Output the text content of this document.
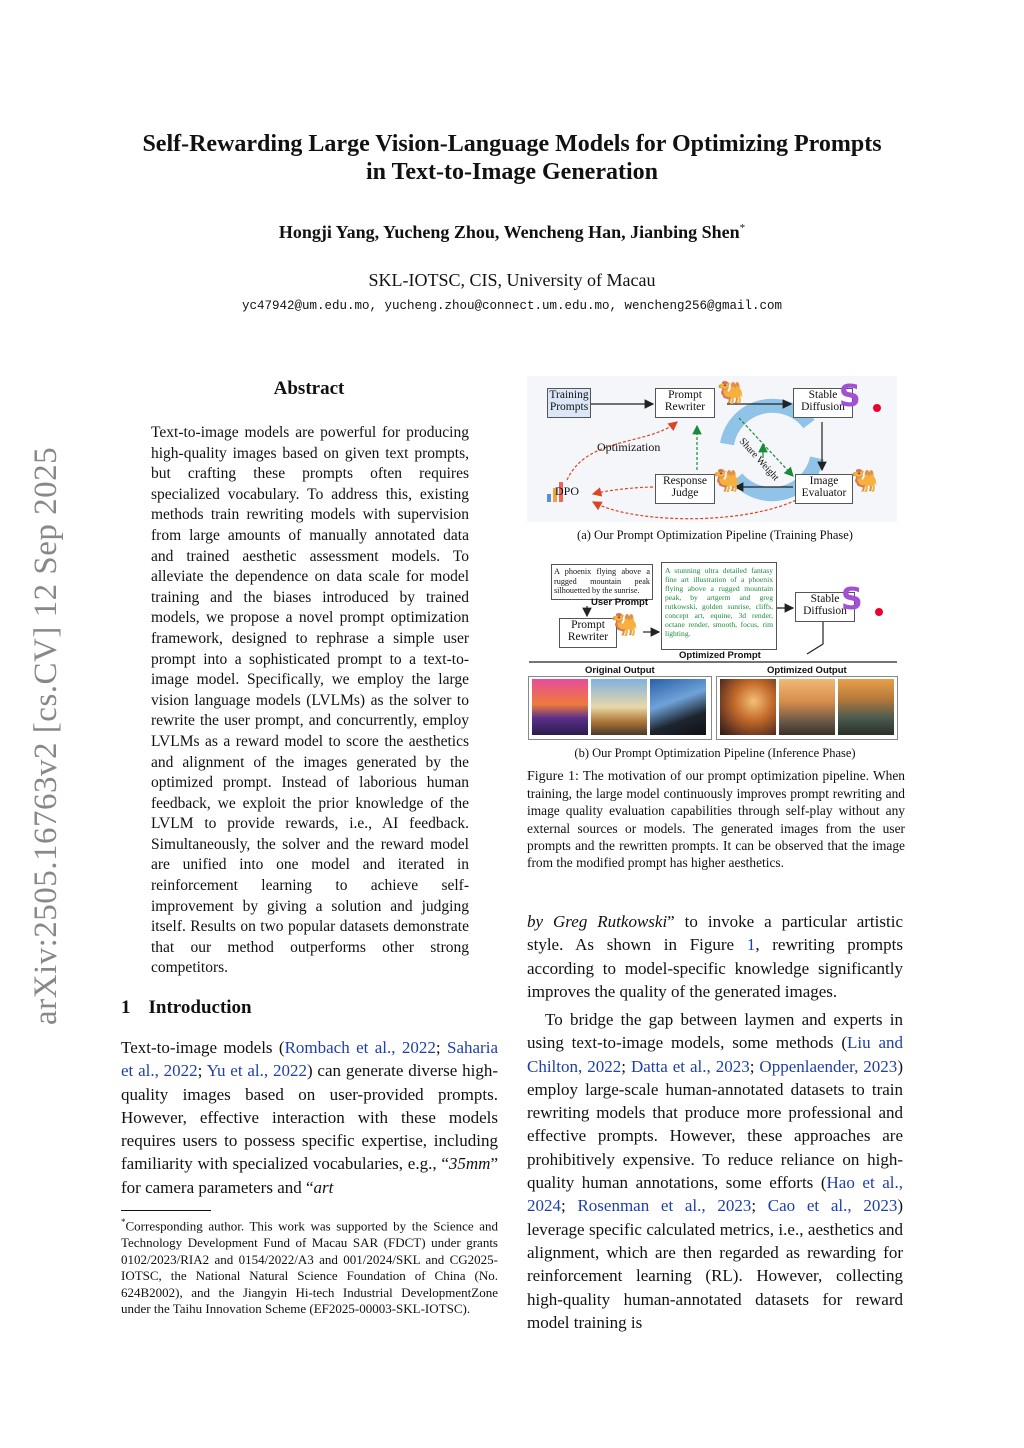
arXiv:2505.16763v2 [cs.CV] 12 Sep 2025
Self-Rewarding Large Vision-Language Models for Optimizing Prompts
in Text-to-Image Generation
Hongji Yang, Yucheng Zhou, Wencheng Han, Jianbing Shen*
SKL-IOTSC, CIS, University of Macau
yc47942@um.edu.mo, yucheng.zhou@connect.um.edu.mo, wencheng256@gmail.com
Abstract
Text-to-image models are powerful for producing high-quality images based on given text prompts, but crafting these prompts often requires specialized vocabulary. To address this, existing methods train rewriting models with supervision from large amounts of manually annotated data and trained aesthetic assessment models. To alleviate the dependence on data scale for model training and the biases introduced by trained models, we propose a novel prompt optimization framework, designed to rephrase a simple user prompt into a sophisticated prompt to a text-to-image model. Specifically, we employ the large vision language models (LVLMs) as the solver to rewrite the user prompt, and concurrently, employ LVLMs as a reward model to score the aesthetics and alignment of the images generated by the optimized prompt. Instead of laborious human feedback, we exploit the prior knowledge of the LVLM to provide rewards, i.e., AI feedback. Simultaneously, the solver and the reward model are unified into one model and iterated in reinforcement learning to achieve self-improvement by giving a solution and judging itself. Results on two popular datasets demonstrate that our method outperforms other strong competitors.
1 Introduction
Text-to-image models (Rombach et al., 2022; Saharia et al., 2022; Yu et al., 2022) can generate diverse high-quality images based on user-provided prompts. However, effective interaction with these models requires users to possess specific expertise, including familiarity with specialized vocabularies, e.g., “35mm” for camera parameters and “art
*Corresponding author. This work was supported by the Science and Technology Development Fund of Macau SAR (FDCT) under grants 0102/2023/RIA2 and 0154/2022/A3 and 001/2024/SKL and CG2025-IOTSC, the National Natural Science Foundation of China (No. 624B2002), and the Jiangyin Hi-tech Industrial DevelopmentZone under the Taihu Innovation Scheme (EF2025-00003-SKL-IOTSC).
Training
Prompts
Prompt
Rewriter
🐫	Stable
Diffusion
S
Optimization	Share Weight
DPO
Response
Judge 🐫	Image
Evaluator 🐫
(a) Our Prompt Optimization Pipeline (Training Phase)
A phoenix flying above a rugged mountain peak silhouetted by the sunrise.
User Prompt
Prompt
Rewriter 🐫
A stunning ultra detailed fantasy fine art illustration of a phoenix flying above a rugged mountain peak, by artgerm and greg rutkowski, golden sunrise, cliffs, concept art, equine, 3d render, octane render, smooth, focus, rim lighting.
Optimized Prompt
Stable
Diffusion
S
Original Output	Optimized Output
(b) Our Prompt Optimization Pipeline (Inference Phase)
Figure 1: The motivation of our prompt optimization pipeline. When training, the large model continuously improves prompt rewriting and image quality evaluation capabilities through self-play without any external sources or models. The generated images from the user prompts and the rewritten prompts. It can be observed that the image from the modified prompt has higher aesthetics.
by Greg Rutkowski” to invoke a particular artistic style. As shown in Figure 1, rewriting prompts according to model-specific knowledge significantly improves the quality of the generated images.
To bridge the gap between laymen and experts in using text-to-image models, some methods (Liu and Chilton, 2022; Datta et al., 2023; Oppenlaender, 2023) employ large-scale human-annotated datasets to train rewriting models that produce more professional and effective prompts. However, these approaches are prohibitively expensive. To reduce reliance on high-quality human annotations, some efforts (Hao et al., 2024; Rosenman et al., 2023; Cao et al., 2023) leverage specific calculated metrics, i.e., aesthetics and alignment, which are then regarded as rewarding for reinforcement learning (RL). However, collecting high-quality human-annotated datasets for reward model training is
